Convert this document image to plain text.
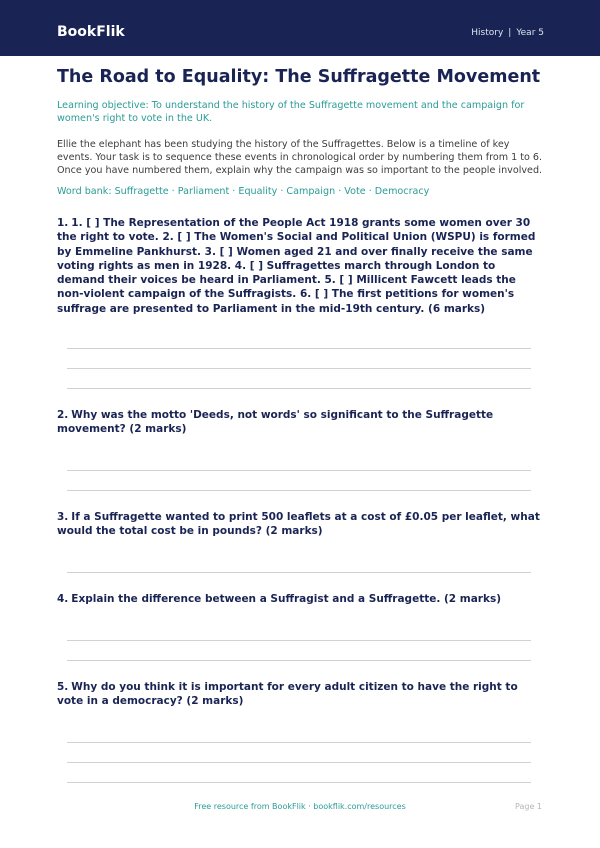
BookFlik	History | Year 5
The Road to Equality: The Suffragette Movement
Learning objective: To understand the history of the Suffragette movement and the campaign for women's right to vote in the UK.
Ellie the elephant has been studying the history of the Suffragettes. Below is a timeline of key events. Your task is to sequence these events in chronological order by numbering them from 1 to 6. Once you have numbered them, explain why the campaign was so important to the people involved.
Word bank: Suffragette · Parliament · Equality · Campaign · Vote · Democracy
1. 1. [ ] The Representation of the People Act 1918 grants some women over 30 the right to vote. 2. [ ] The Women's Social and Political Union (WSPU) is formed by Emmeline Pankhurst. 3. [ ] Women aged 21 and over finally receive the same voting rights as men in 1928. 4. [ ] Suffragettes march through London to demand their voices be heard in Parliament. 5. [ ] Millicent Fawcett leads the non-violent campaign of the Suffragists. 6. [ ] The first petitions for women's suffrage are presented to Parliament in the mid-19th century. (6 marks)
2. Why was the motto 'Deeds, not words' so significant to the Suffragette movement? (2 marks)
3. If a Suffragette wanted to print 500 leaflets at a cost of £0.05 per leaflet, what would the total cost be in pounds? (2 marks)
4. Explain the difference between a Suffragist and a Suffragette. (2 marks)
5. Why do you think it is important for every adult citizen to have the right to vote in a democracy? (2 marks)
Free resource from BookFlik · bookflik.com/resources	Page 1
